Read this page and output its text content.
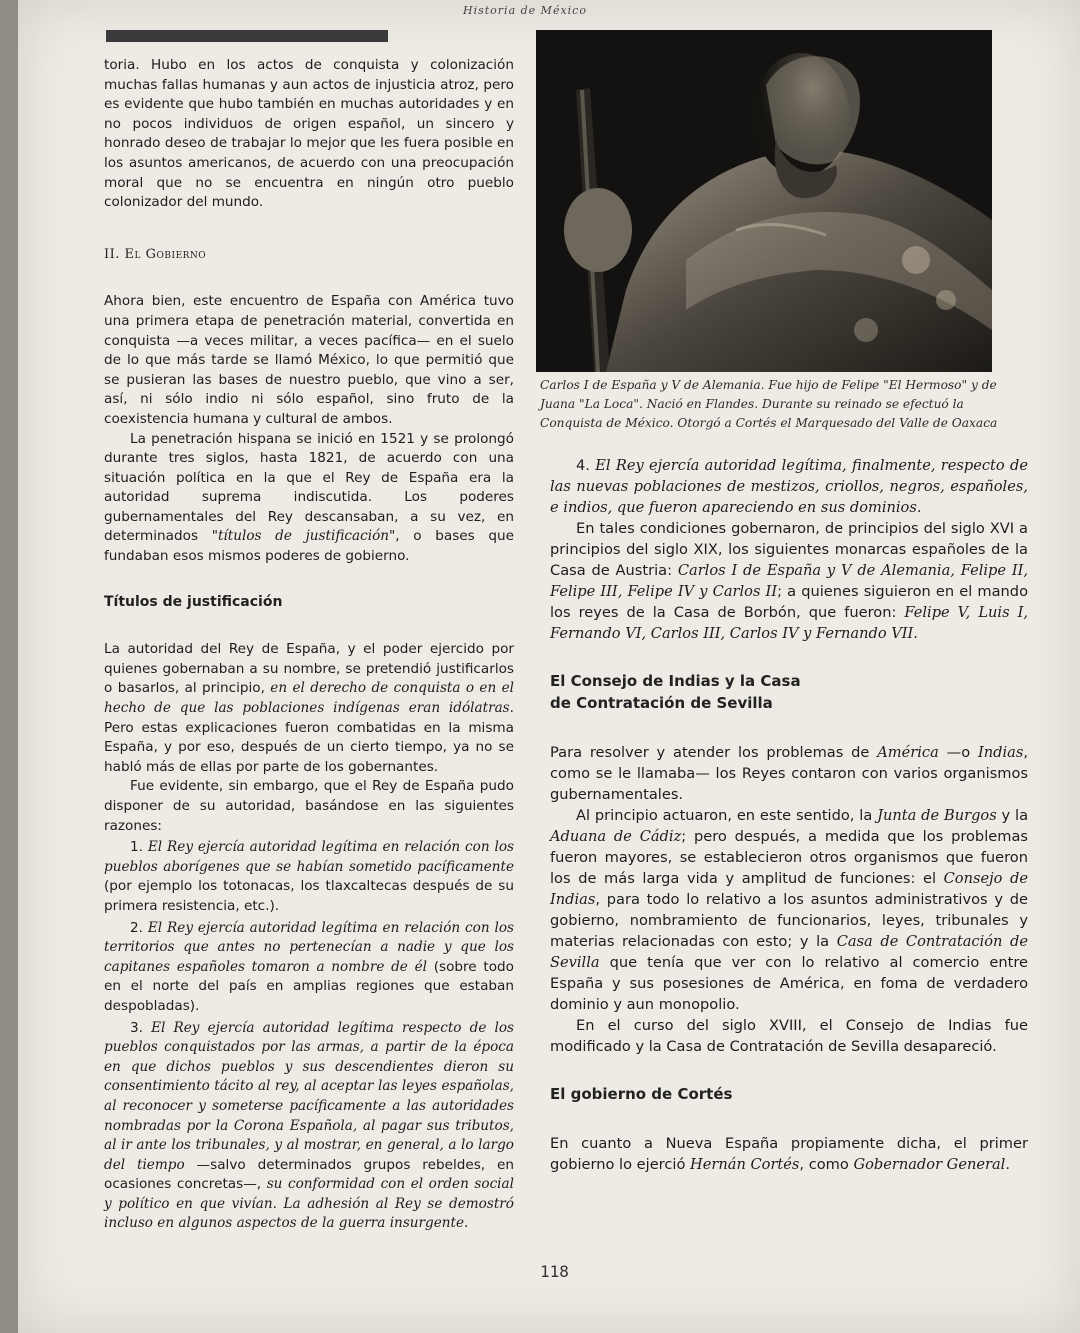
Historia de México
Carlos I de España y V de Alemania. Fue hijo de Felipe "El Hermoso" y de Juana "La Loca". Nació en Flandes. Durante su reinado se efectuó la Conquista de México. Otorgó a Cortés el Marquesado del Valle de Oaxaca

toria. Hubo en los actos de conquista y colonización muchas fallas humanas y aun actos de injusticia atroz, pero es evidente que hubo también en muchas autoridades y en no pocos individuos de origen español, un sincero y honrado deseo de trabajar lo mejor que les fuera posible en los asuntos americanos, de acuerdo con una preocupación moral que no se encuentra en ningún otro pueblo colonizador del mundo.

II. El Gobierno

Ahora bien, este encuentro de España con América tuvo una primera etapa de penetración material, convertida en conquista —a veces militar, a veces pacífica— en el suelo de lo que más tarde se llamó México, lo que permitió que se pusieran las bases de nuestro pueblo, que vino a ser, así, ni sólo indio ni sólo español, sino fruto de la coexistencia humana y cultural de ambos.

La penetración hispana se inició en 1521 y se prolongó durante tres siglos, hasta 1821, de acuerdo con una situación política en la que el Rey de España era la autoridad suprema indiscutida. Los poderes gubernamentales del Rey descansaban, a su vez, en determinados "títulos de justificación", o bases que fundaban esos mismos poderes de gobierno.

Títulos de justificación

La autoridad del Rey de España, y el poder ejercido por quienes gobernaban a su nombre, se pretendió justificarlos o basarlos, al principio, en el derecho de conquista o en el hecho de que las poblaciones indígenas eran idólatras. Pero estas explicaciones fueron combatidas en la misma España, y por eso, después de un cierto tiempo, ya no se habló más de ellas por parte de los gobernantes.

Fue evidente, sin embargo, que el Rey de España pudo disponer de su autoridad, basándose en las siguientes razones:

1. El Rey ejercía autoridad legítima en relación con los pueblos aborígenes que se habían sometido pacíficamente (por ejemplo los totonacas, los tlaxcaltecas después de su primera resistencia, etc.).

2. El Rey ejercía autoridad legítima en relación con los territorios que antes no pertenecían a nadie y que los capitanes españoles tomaron a nombre de él (sobre todo en el norte del país en amplias regiones que estaban despobladas).

3. El Rey ejercía autoridad legítima respecto de los pueblos conquistados por las armas, a partir de la época en que dichos pueblos y sus descendientes dieron su consentimiento tácito al rey, al aceptar las leyes españolas, al reconocer y someterse pacíficamente a las autoridades nombradas por la Corona Española, al pagar sus tributos, al ir ante los tribunales, y al mostrar, en general, a lo largo del tiempo —salvo determinados grupos rebeldes, en ocasiones concretas—, su conformidad con el orden social y político en que vivían. La adhesión al Rey se demostró incluso en algunos aspectos de la guerra insurgente.

4. El Rey ejercía autoridad legítima, finalmente, respecto de las nuevas poblaciones de mestizos, criollos, negros, españoles, e indios, que fueron apareciendo en sus dominios.

En tales condiciones gobernaron, de principios del siglo XVI a principios del siglo XIX, los siguientes monarcas españoles de la Casa de Austria: Carlos I de España y V de Alemania, Felipe II, Felipe III, Felipe IV y Carlos II; a quienes siguieron en el mando los reyes de la Casa de Borbón, que fueron: Felipe V, Luis I, Fernando VI, Carlos III, Carlos IV y Fernando VII.

El Consejo de Indias y la Casa
de Contratación de Sevilla

Para resolver y atender los problemas de América —o Indias, como se le llamaba— los Reyes contaron con varios organismos gubernamentales.

Al principio actuaron, en este sentido, la Junta de Burgos y la Aduana de Cádiz; pero después, a medida que los problemas fueron mayores, se establecieron otros organismos que fueron los de más larga vida y amplitud de funciones: el Consejo de Indias, para todo lo relativo a los asuntos administrativos y de gobierno, nombramiento de funcionarios, leyes, tribunales y materias relacionadas con esto; y la Casa de Contratación de Sevilla que tenía que ver con lo relativo al comercio entre España y sus posesiones de América, en foma de verdadero dominio y aun monopolio.

En el curso del siglo XVIII, el Consejo de Indias fue modificado y la Casa de Contratación de Sevilla desapareció.

El gobierno de Cortés

En cuanto a Nueva España propiamente dicha, el primer gobierno lo ejerció Hernán Cortés, como Gobernador General.

118
